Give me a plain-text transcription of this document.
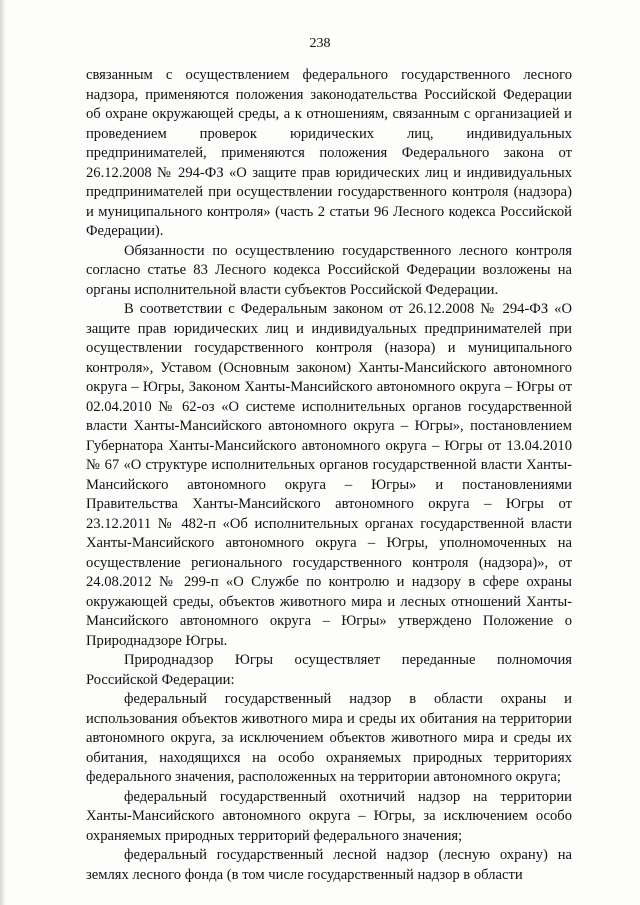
238

связанным с осуществлением федерального государственного лесного надзора, применяются положения законодательства Российской Федерации об охране окружающей среды, а к отношениям, связанным с организацией и проведением проверок юридических лиц, индивидуальных предпринимателей, применяются положения Федерального закона от 26.12.2008 № 294-ФЗ «О защите прав юридических лиц и индивидуальных предпринимателей при осуществлении государственного контроля (надзора) и муниципального контроля» (часть 2 статьи 96 Лесного кодекса Российской Федерации).

Обязанности по осуществлению государственного лесного контроля согласно статье 83 Лесного кодекса Российской Федерации возложены на органы исполнительной власти субъектов Российской Федерации.

В соответствии с Федеральным законом от 26.12.2008 № 294-ФЗ «О защите прав юридических лиц и индивидуальных предпринимателей при осуществлении государственного контроля (назора) и муниципального контроля», Уставом (Основным законом) Ханты-Мансийского автономного округа – Югры, Законом Ханты-Мансийского автономного округа – Югры от 02.04.2010 № 62-оз «О системе исполнительных органов государственной власти Ханты-Мансийского автономного округа – Югры», постановлением Губернатора Ханты-Мансийского автономного округа – Югры от 13.04.2010 № 67 «О структуре исполнительных органов государственной власти Ханты-Мансийского автономного округа – Югры» и постановлениями Правительства Ханты-Мансийского автономного округа – Югры от 23.12.2011 № 482-п «Об исполнительных органах государственной власти Ханты-Мансийского автономного округа – Югры, уполномоченных на осуществление регионального государственного контроля (надзора)», от 24.08.2012 № 299-п «О Службе по контролю и надзору в сфере охраны окружающей среды, объектов животного мира и лесных отношений Ханты-Мансийского автономного округа – Югры» утверждено Положение о Природнадзоре Югры.

Природнадзор Югры осуществляет переданные полномочия Российской Федерации:

федеральный государственный надзор в области охраны и использования объектов животного мира и среды их обитания на территории автономного округа, за исключением объектов животного мира и среды их обитания, находящихся на особо охраняемых природных территориях федерального значения, расположенных на территории автономного округа;

федеральный государственный охотничий надзор на территории Ханты-Мансийского автономного округа – Югры, за исключением особо охраняемых природных территорий федерального значения;

федеральный государственный лесной надзор (лесную охрану) на землях лесного фонда (в том числе государственный надзор в области
